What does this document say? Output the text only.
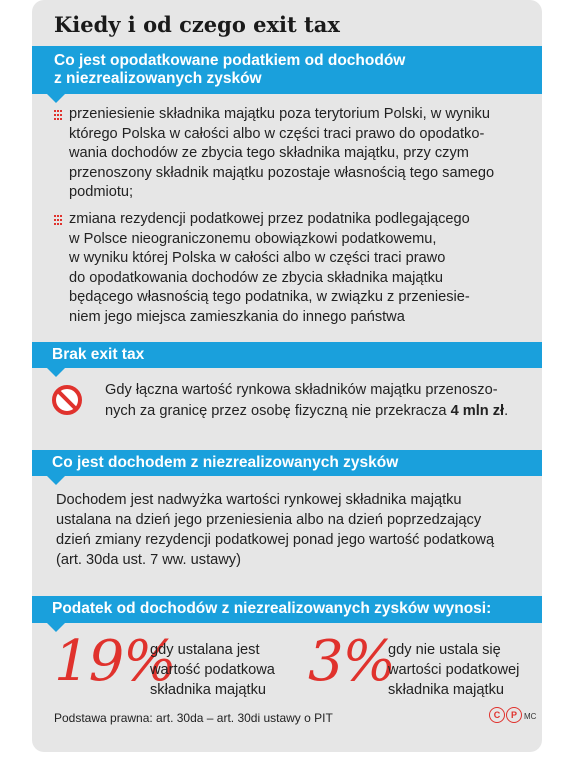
Kiedy i od czego exit tax
Co jest opodatkowane podatkiem od dochodów
z niezrealizowanych zysków
przeniesienie składnika majątku poza terytorium Polski, w wyniku
którego Polska w całości albo w części traci prawo do opodatko-
wania dochodów ze zbycia tego składnika majątku, przy czym
przenoszony składnik majątku pozostaje własnością tego samego
podmiotu;
zmiana rezydencji podatkowej przez podatnika podlegającego
w Polsce nieograniczonemu obowiązkowi podatkowemu,
w wyniku której Polska w całości albo w części traci prawo
do opodatkowania dochodów ze zbycia składnika majątku
będącego własnością tego podatnika, w związku z przeniesie-
niem jego miejsca zamieszkania do innego państwa
Brak exit tax
Gdy łączna wartość rynkowa składników majątku przenoszo-
nych za granicę przez osobę fizyczną nie przekracza 4 mln zł.
Co jest dochodem z niezrealizowanych zysków
Dochodem jest nadwyżka wartości rynkowej składnika majątku
ustalana na dzień jego przeniesienia albo na dzień poprzedzający
dzień zmiany rezydencji podatkowej ponad jego wartość podatkową
(art. 30da ust. 7 ww. ustawy)
Podatek od dochodów z niezrealizowanych zysków wynosi:
19%
gdy ustalana jest
wartość podatkowa
składnika majątku 3%
gdy nie ustala się
wartości podatkowej
składnika majątku
Podstawa prawna: art. 30da – art. 30di ustawy o PIT	C	P MC
